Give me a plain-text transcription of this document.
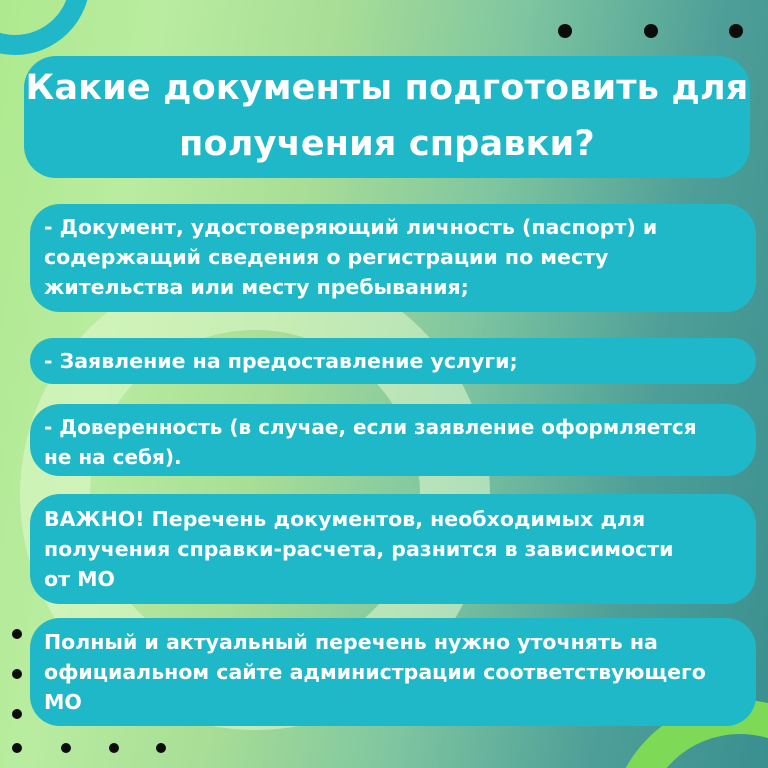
Какие документы подготовить для получения справки?
- Документ, удостоверяющий личность (паспорт) и
содержащий сведения о регистрации по месту
жительства или месту пребывания;
- Заявление на предоставление услуги;
- Доверенность (в случае, если заявление оформляется
не на себя).
ВАЖНО! Перечень документов, необходимых для
получения справки-расчета, разнится в зависимости
от МО
Полный и актуальный перечень нужно уточнять на
официальном сайте администрации соответствующего
МО
